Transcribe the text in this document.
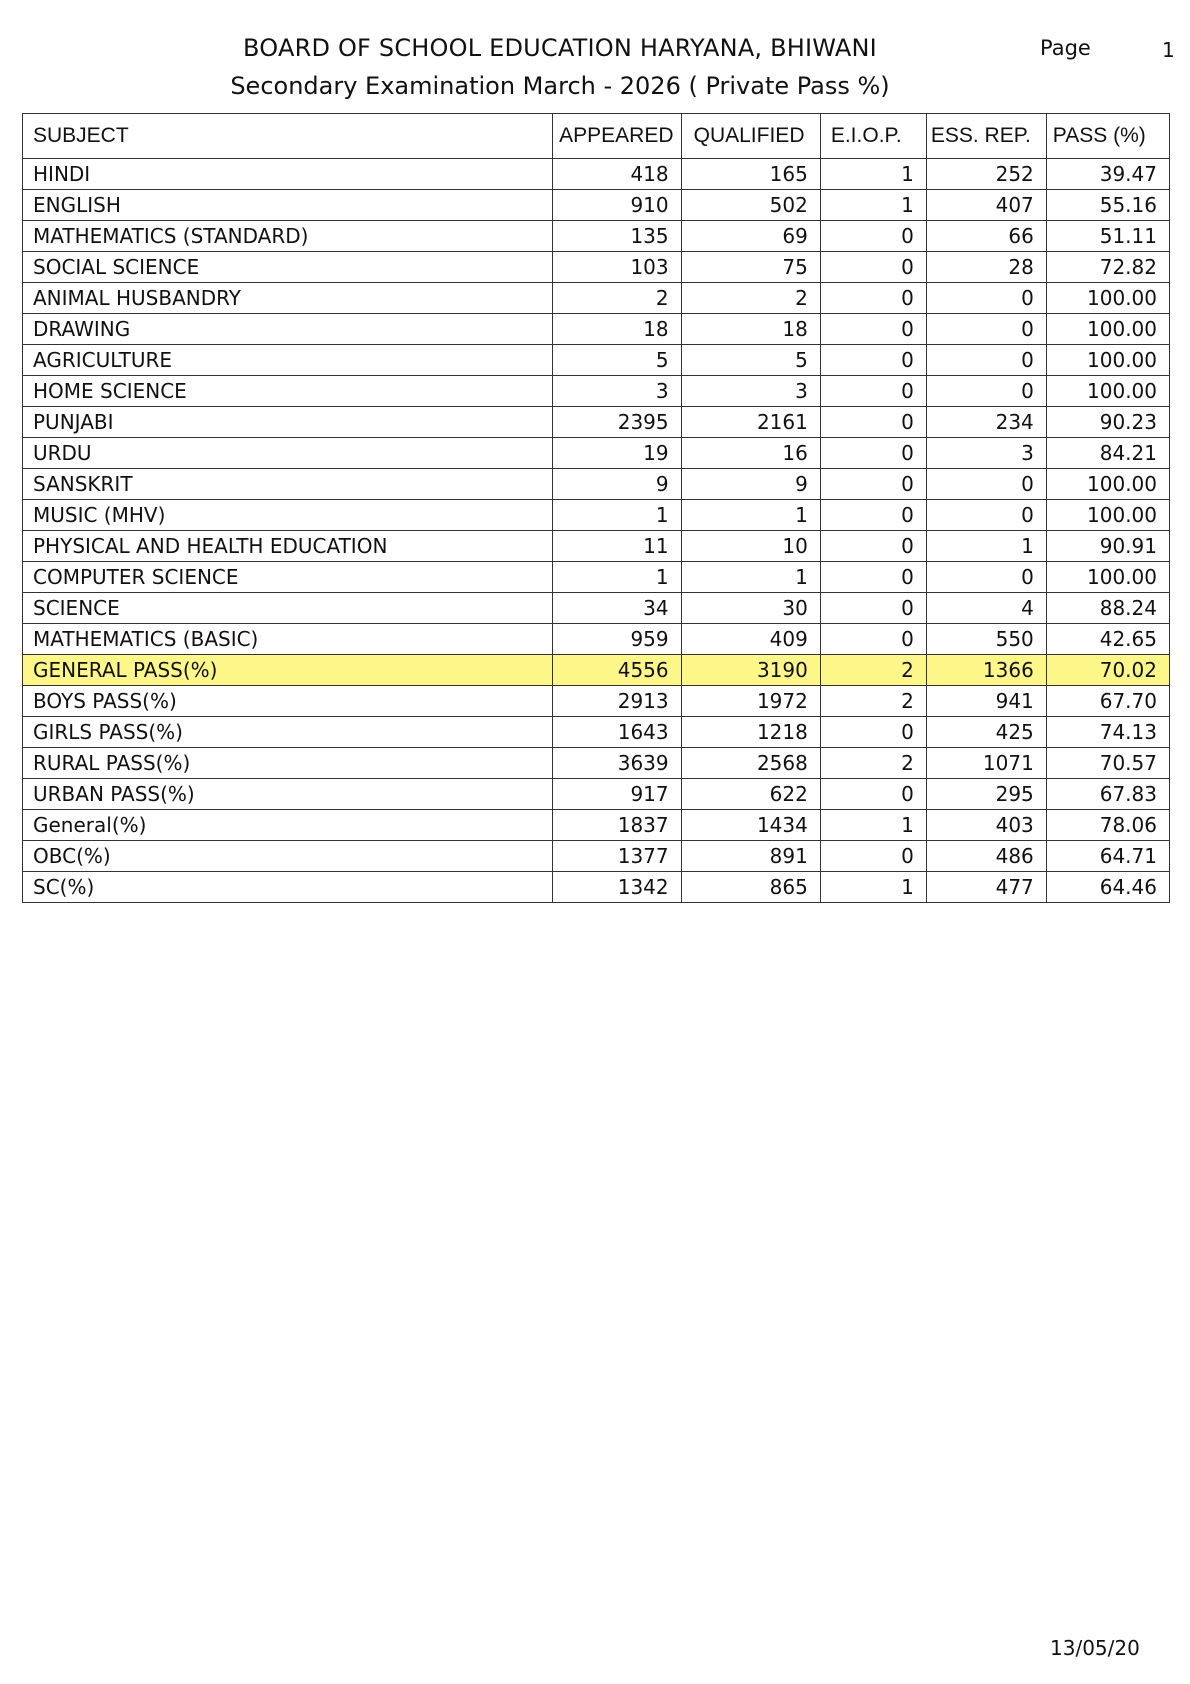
BOARD OF SCHOOL EDUCATION HARYANA, BHIWANI
Secondary Examination March - 2026 ( Private Pass %)
Page	1
SUBJECT	APPEARED	QUALIFIED	E.I.O.P.	ESS. REP.	PASS (%)
HINDI	418	165	1	252	39.47
ENGLISH	910	502	1	407	55.16
MATHEMATICS (STANDARD)	135	69	0	66	51.11
SOCIAL SCIENCE	103	75	0	28	72.82
ANIMAL HUSBANDRY	2	2	0	0	100.00
DRAWING	18	18	0	0	100.00
AGRICULTURE	5	5	0	0	100.00
HOME SCIENCE	3	3	0	0	100.00
PUNJABI	2395	2161	0	234	90.23
URDU	19	16	0	3	84.21
SANSKRIT	9	9	0	0	100.00
MUSIC (MHV)	1	1	0	0	100.00
PHYSICAL AND HEALTH EDUCATION	11	10	0	1	90.91
COMPUTER SCIENCE	1	1	0	0	100.00
SCIENCE	34	30	0	4	88.24
MATHEMATICS (BASIC)	959	409	0	550	42.65
GENERAL PASS(%)	4556	3190	2	1366	70.02
BOYS PASS(%)	2913	1972	2	941	67.70
GIRLS PASS(%)	1643	1218	0	425	74.13
RURAL PASS(%)	3639	2568	2	1071	70.57
URBAN PASS(%)	917	622	0	295	67.83
General(%)	1837	1434	1	403	78.06
OBC(%)	1377	891	0	486	64.71
SC(%)	1342	865	1	477	64.46
13/05/20
